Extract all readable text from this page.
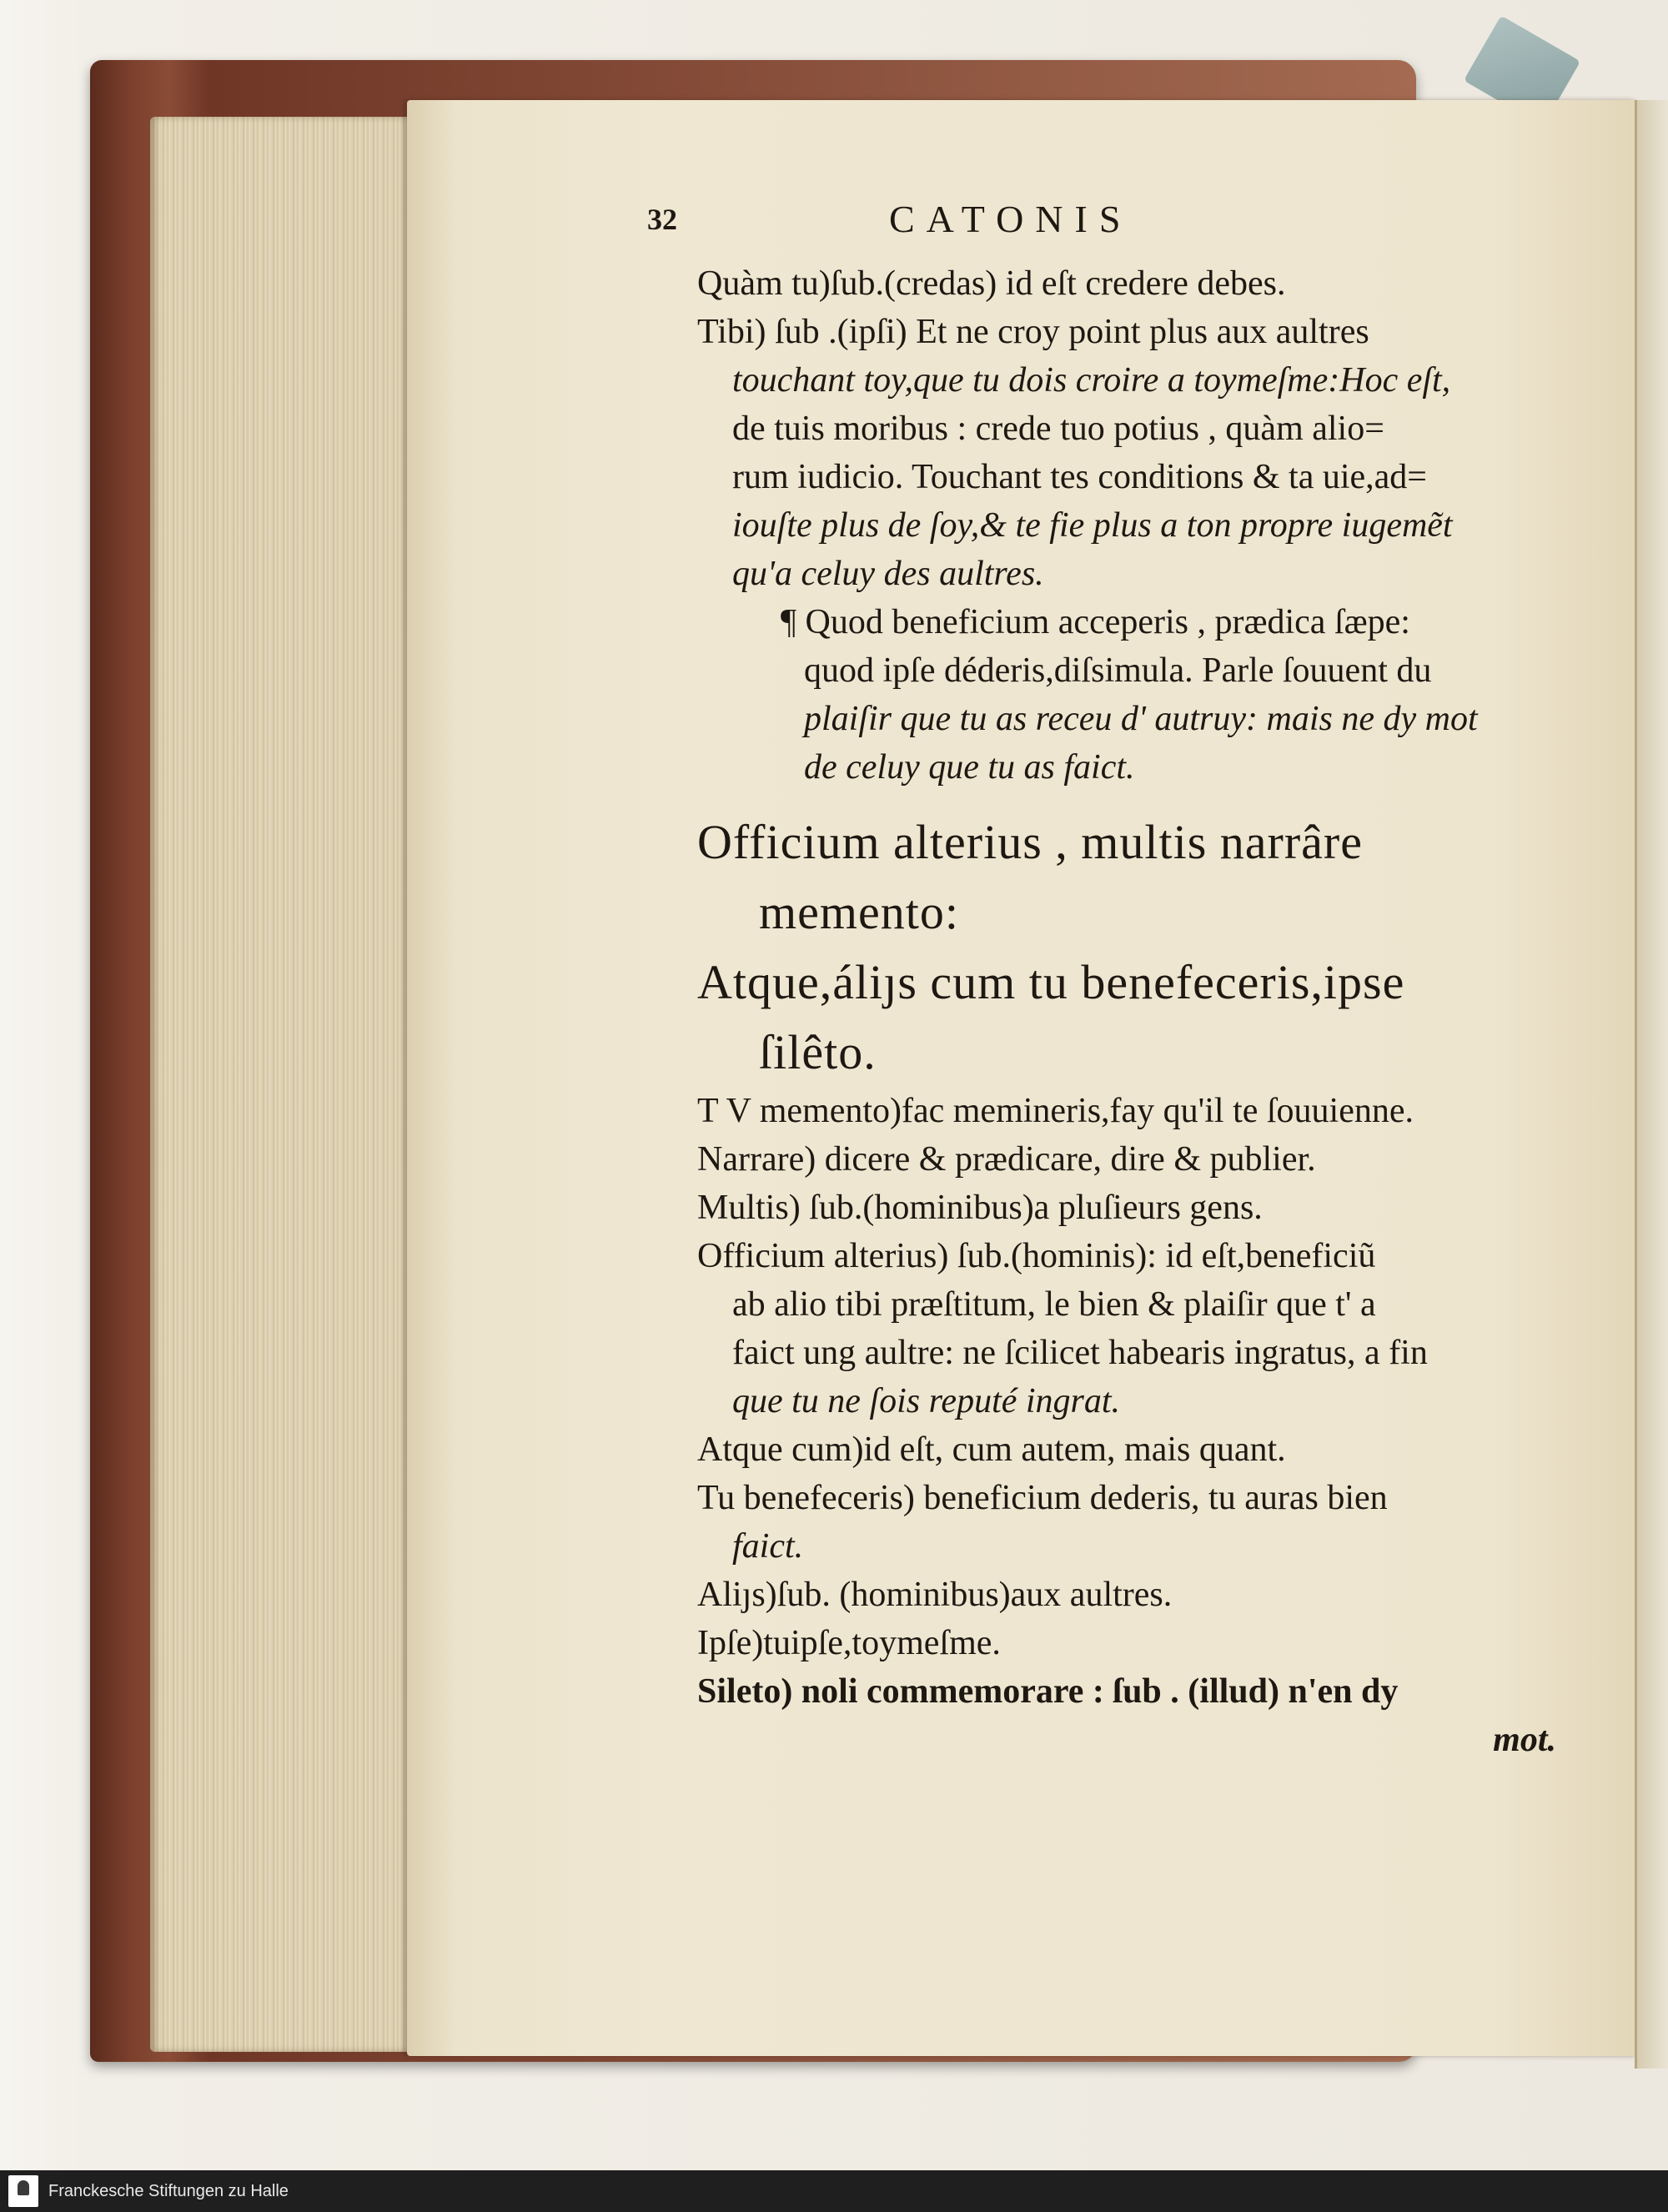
32	CATONIS
Quàm tu)ſub.(credas) id eſt credere debes.
Tibi) ſub .(ipſi) Et ne croy point plus aux aultres
touchant toy,que tu dois croire a toymeſme:Hoc eſt,
de tuis moribus : crede tuo potius , quàm alio=
rum iudicio. Touchant tes conditions & ta uie,ad=
iouſte plus de ſoy,& te fie plus a ton propre iugemẽt
qu'a celuy des aultres.
¶ Quod beneficium acceperis , prædica ſæpe:
quod ipſe déderis,diſsimula. Parle ſouuent du
plaiſir que tu as receu d' autruy: mais ne dy mot
de celuy que tu as faict.
Officium alterius , multis narrâre
memento:
Atque,áliȷs cum tu benefeceris,ipse
ſilêto.
T V memento)fac memineris,fay qu'il te ſouuienne.
Narrare) dicere & prædicare, dire & publier.
Multis) ſub.(hominibus)a pluſieurs gens.
Officium alterius) ſub.(hominis): id eſt,beneficiũ
ab alio tibi præſtitum, le bien & plaiſir que t' a
faict ung aultre: ne ſcilicet habearis ingratus, a fin
que tu ne ſois reputé ingrat.
Atque cum)id eſt, cum autem, mais quant.
Tu benefeceris) beneficium dederis, tu auras bien
faict.
Aliȷs)ſub. (hominibus)aux aultres.
Ipſe)tuipſe,toymeſme.
Sileto) noli commemorare : ſub . (illud) n'en dy
mot.
Franckesche Stiftungen zu Halle
